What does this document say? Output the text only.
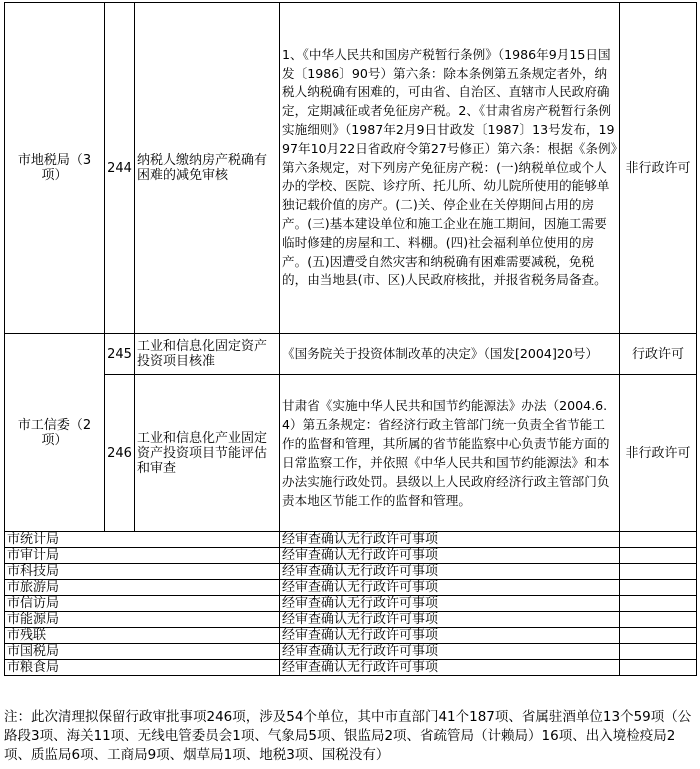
市地税局（3项）	244	纳税人缴纳房产税确有困难的减免审核	1、《中华人民共和国房产税暂行条例》（1986年9月15日国发〔1986〕90号）第六条：除本条例第五条规定者外，纳税人纳税确有困难的，可由省、自治区、直辖市人民政府确定，定期减征或者免征房产税。2、《甘肃省房产税暂行条例实施细则》（1987年2月9日甘政发〔1987〕13号发布，1997年10月22日省政府令第27号修正）第六条：根据《条例》第六条规定，对下列房产免征房产税：(一)纳税单位或个人办的学校、医院、诊疗所、托儿所、幼儿院所使用的能够单独记载价值的房产。(二)关、停企业在关停期间占用的房产。(三)基本建设单位和施工企业在施工期间，因施工需要临时修建的房屋和工、料棚。(四)社会福利单位使用的房产。(五)因遭受自然灾害和纳税确有困难需要减税，免税的，由当地县(市、区)人民政府核批，并报省税务局备查。	非行政许可
市工信委（2项）	245	工业和信息化固定资产投资项目核准	《国务院关于投资体制改革的决定》（国发[2004]20号）	行政许可
	246	工业和信息化产业固定资产投资项目节能评估和审查	甘肃省《实施中华人民共和国节约能源法》办法（2004.6.4）第五条规定：省经济行政主管部门统一负责全省节能工作的监督和管理，其所属的省节能监察中心负责节能方面的日常监察工作，并依照《中华人民共和国节约能源法》和本办法实施行政处罚。县级以上人民政府经济行政主管部门负责本地区节能工作的监督和管理。	非行政许可
市统计局			经审查确认无行政许可事项	
市审计局			经审查确认无行政许可事项	
市科技局			经审查确认无行政许可事项	
市旅游局			经审查确认无行政许可事项	
市信访局			经审查确认无行政许可事项	
市能源局			经审查确认无行政许可事项	
市残联			经审查确认无行政许可事项	
市国税局			经审查确认无行政许可事项	
市粮食局			经审查确认无行政许可事项	
注：此次清理拟保留行政审批事项246项，涉及54个单位，其中市直部门41个187项、省属驻酒单位13个59项（公路段3项、海关11项、无线电管委员会1项、气象局5项、银监局2项、省疏管局（计赖局）16项、出入境检疫局2项、质监局6项、工商局9项、烟草局1项、地税3项、国税没有）
